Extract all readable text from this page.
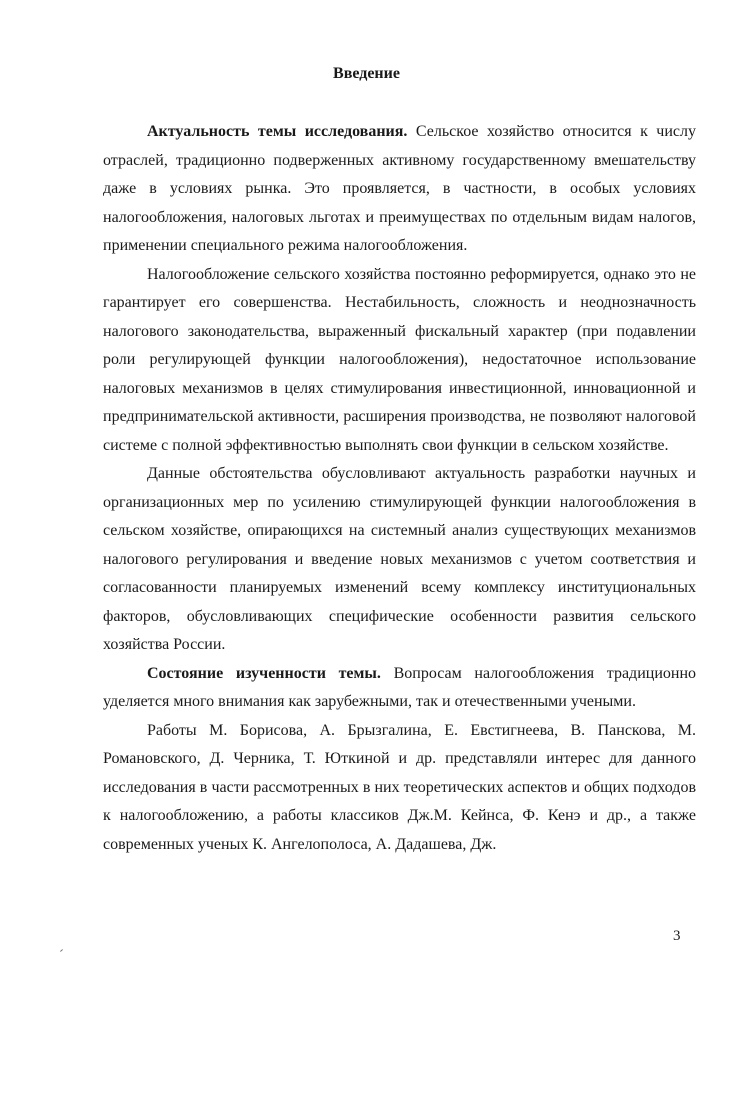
Введение

Актуальность темы исследования. Сельское хозяйство относится к числу отраслей, традиционно подверженных активному государственному вмешательству даже в условиях рынка. Это проявляется, в частности, в особых условиях налогообложения, налоговых льготах и преимуществах по отдельным видам налогов, применении специального режима налогообложения.

Налогообложение сельского хозяйства постоянно реформируется, однако это не гарантирует его совершенства. Нестабильность, сложность и неоднозначность налогового законодательства, выраженный фискальный характер (при подавлении роли регулирующей функции налогообложения), недостаточное использование налоговых механизмов в целях стимулирования инвестиционной, инновационной и предпринимательской активности, расширения производства, не позволяют налоговой системе с полной эффективностью выполнять свои функции в сельском хозяйстве.

Данные обстоятельства обусловливают актуальность разработки научных и организационных мер по усилению стимулирующей функции налогообложения в сельском хозяйстве, опирающихся на системный анализ существующих механизмов налогового регулирования и введение новых механизмов с учетом соответствия и согласованности планируемых изменений всему комплексу институциональных факторов, обусловливающих специфические особенности развития сельского хозяйства России.

Состояние изученности темы. Вопросам налогообложения традиционно уделяется много внимания как зарубежными, так и отечественными учеными.

Работы М. Борисова, А. Брызгалина, Е. Евстигнеева, В. Панскова, М. Романовского, Д. Черника, Т. Юткиной и др. представляли интерес для данного исследования в части рассмотренных в них теоретических аспектов и общих подходов к налогообложению, а работы классиков Дж.М. Кейнса, Ф. Кенэ и др., а также современных ученых К. Ангелополоса, А. Дадашева, Дж.

3
